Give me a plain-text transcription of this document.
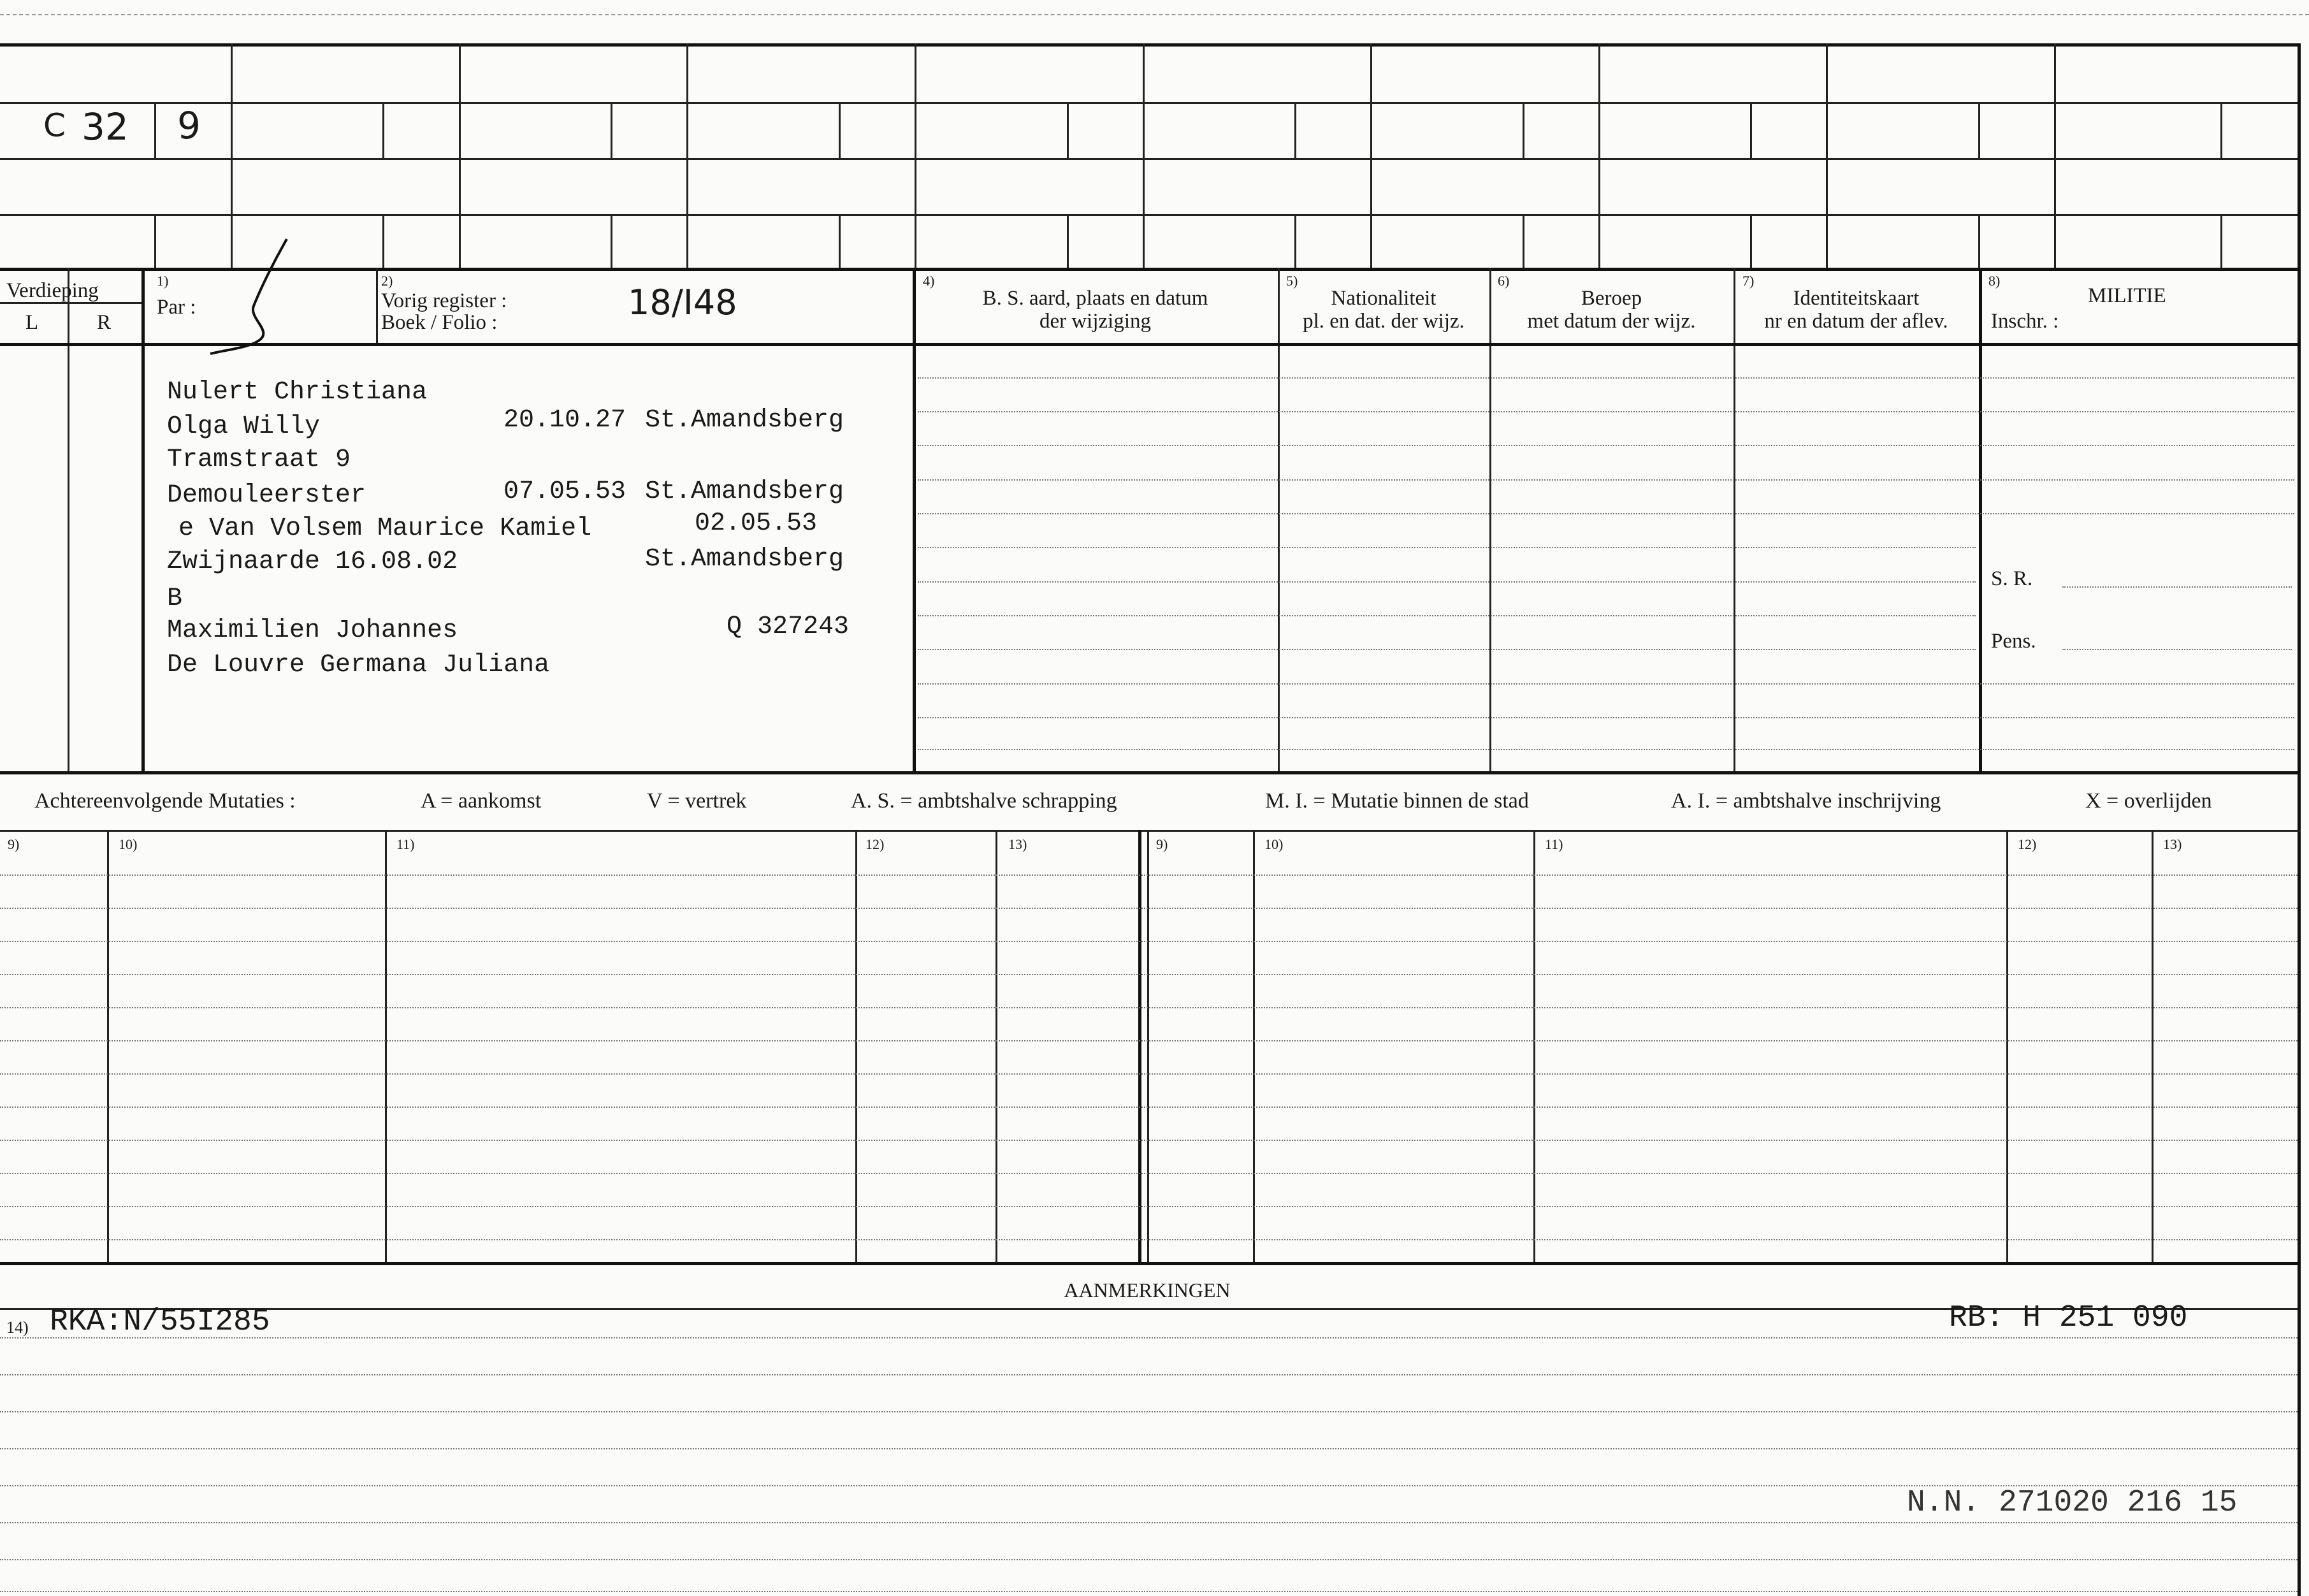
C 32 9
Verdieping
L	R
1)
Par :
2)
Vorig register :
Boek / Folio :	18/I48
4)
B. S. aard, plaats en datum
der wijziging
5)
Nationaliteit
pl. en dat. der wijz.
6)
Beroep
met datum der wijz.
7)
Identiteitskaart
nr en datum der aflev.
8)
MILITIE
Inschr. :
S. R.
Pens.
Nulert Christiana
Olga Willy	20.10.27 St.Amandsberg
Tramstraat 9
Demouleerster	07.05.53 St.Amandsberg
e Van Volsem Maurice Kamiel	02.05.53
Zwijnaarde 16.08.02	St.Amandsberg
B
Maximilien Johannes	Q 327243
De Louvre Germana Juliana
Achtereenvolgende Mutaties :	A = aankomst	V = vertrek	A. S. = ambtshalve schrapping	M. I. = Mutatie binnen de stad	A. I. = ambtshalve inschrijving	X = overlijden
9)	10)	11)	12)	13)	9)	10)	11)	12)	13)
AANMERKINGEN
14) RKA:N/55I285	RB: H 251 090
N.N. 271020 216 15
